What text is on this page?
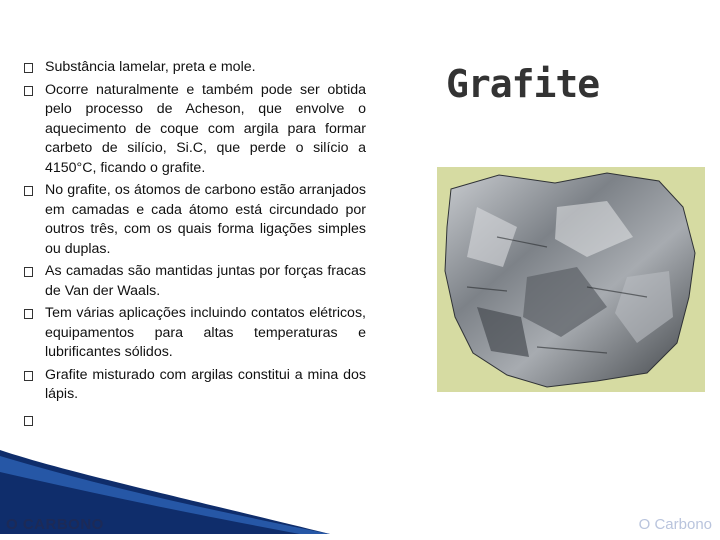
Substância lamelar, preta e mole.
Ocorre naturalmente e também pode ser obtida pelo processo de Acheson, que envolve o aquecimento de coque com argila para formar carbeto de silício, Si.C, que perde o silício a 4150°C, ficando o grafite.
No grafite, os átomos de carbono estão arranjados em camadas e cada átomo está circundado por outros três, com os quais forma ligações simples ou duplas.
As camadas são mantidas juntas por forças fracas de Van der Waals.
Tem várias aplicações incluindo contatos elétricos, equipamentos para altas temperaturas e lubrificantes sólidos.
Grafite misturado com argilas constitui a mina dos lápis.
Grafite
O CARBONO	O Carbono
